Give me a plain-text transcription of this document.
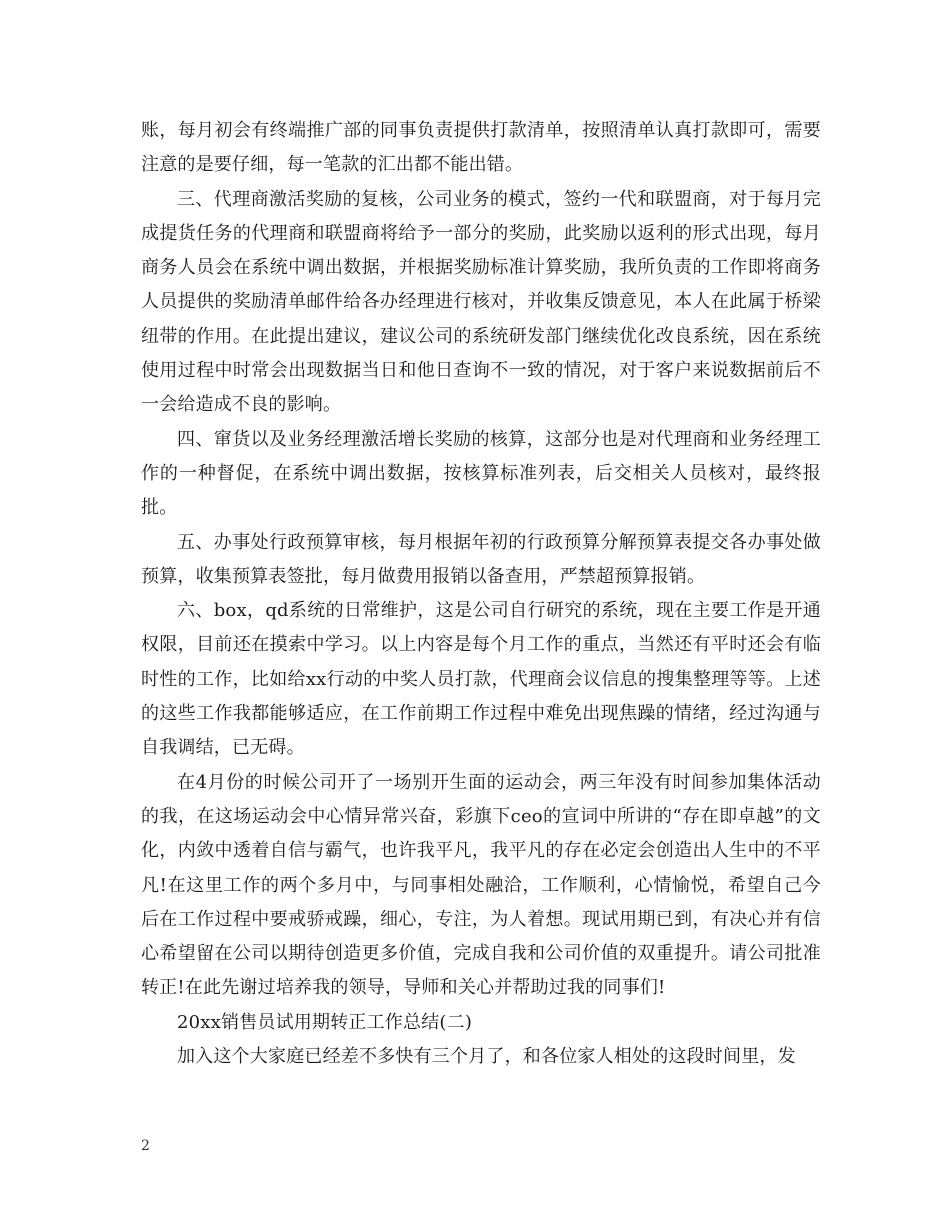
账，每月初会有终端推广部的同事负责提供打款清单，按照清单认真打款即可，需要注意的是要仔细，每一笔款的汇出都不能出错。

三、代理商激活奖励的复核，公司业务的模式，签约一代和联盟商，对于每月完成提货任务的代理商和联盟商将给予一部分的奖励，此奖励以返利的形式出现，每月商务人员会在系统中调出数据，并根据奖励标准计算奖励，我所负责的工作即将商务人员提供的奖励清单邮件给各办经理进行核对，并收集反馈意见，本人在此属于桥梁纽带的作用。在此提出建议，建议公司的系统研发部门继续优化改良系统，因在系统使用过程中时常会出现数据当日和他日查询不一致的情况，对于客户来说数据前后不一会给造成不良的影响。

四、窜货以及业务经理激活增长奖励的核算，这部分也是对代理商和业务经理工作的一种督促，在系统中调出数据，按核算标准列表，后交相关人员核对，最终报批。

五、办事处行政预算审核，每月根据年初的行政预算分解预算表提交各办事处做预算，收集预算表签批，每月做费用报销以备查用，严禁超预算报销。

六、box，qd系统的日常维护，这是公司自行研究的系统，现在主要工作是开通权限，目前还在摸索中学习。以上内容是每个月工作的重点，当然还有平时还会有临时性的工作，比如给xx行动的中奖人员打款，代理商会议信息的搜集整理等等。上述的这些工作我都能够适应，在工作前期工作过程中难免出现焦躁的情绪，经过沟通与自我调结，已无碍。

在4月份的时候公司开了一场别开生面的运动会，两三年没有时间参加集体活动的我，在这场运动会中心情异常兴奋，彩旗下ceo的宣词中所讲的“存在即卓越”的文化，内敛中透着自信与霸气，也许我平凡，我平凡的存在必定会创造出人生中的不平凡!在这里工作的两个多月中，与同事相处融洽，工作顺利，心情愉悦，希望自己今后在工作过程中要戒骄戒躁，细心，专注，为人着想。现试用期已到，有决心并有信心希望留在公司以期待创造更多价值，完成自我和公司价值的双重提升。请公司批准转正!在此先谢过培养我的领导，导师和关心并帮助过我的同事们!

20xx销售员试用期转正工作总结(二)

加入这个大家庭已经差不多快有三个月了，和各位家人相处的这段时间里，发

2
